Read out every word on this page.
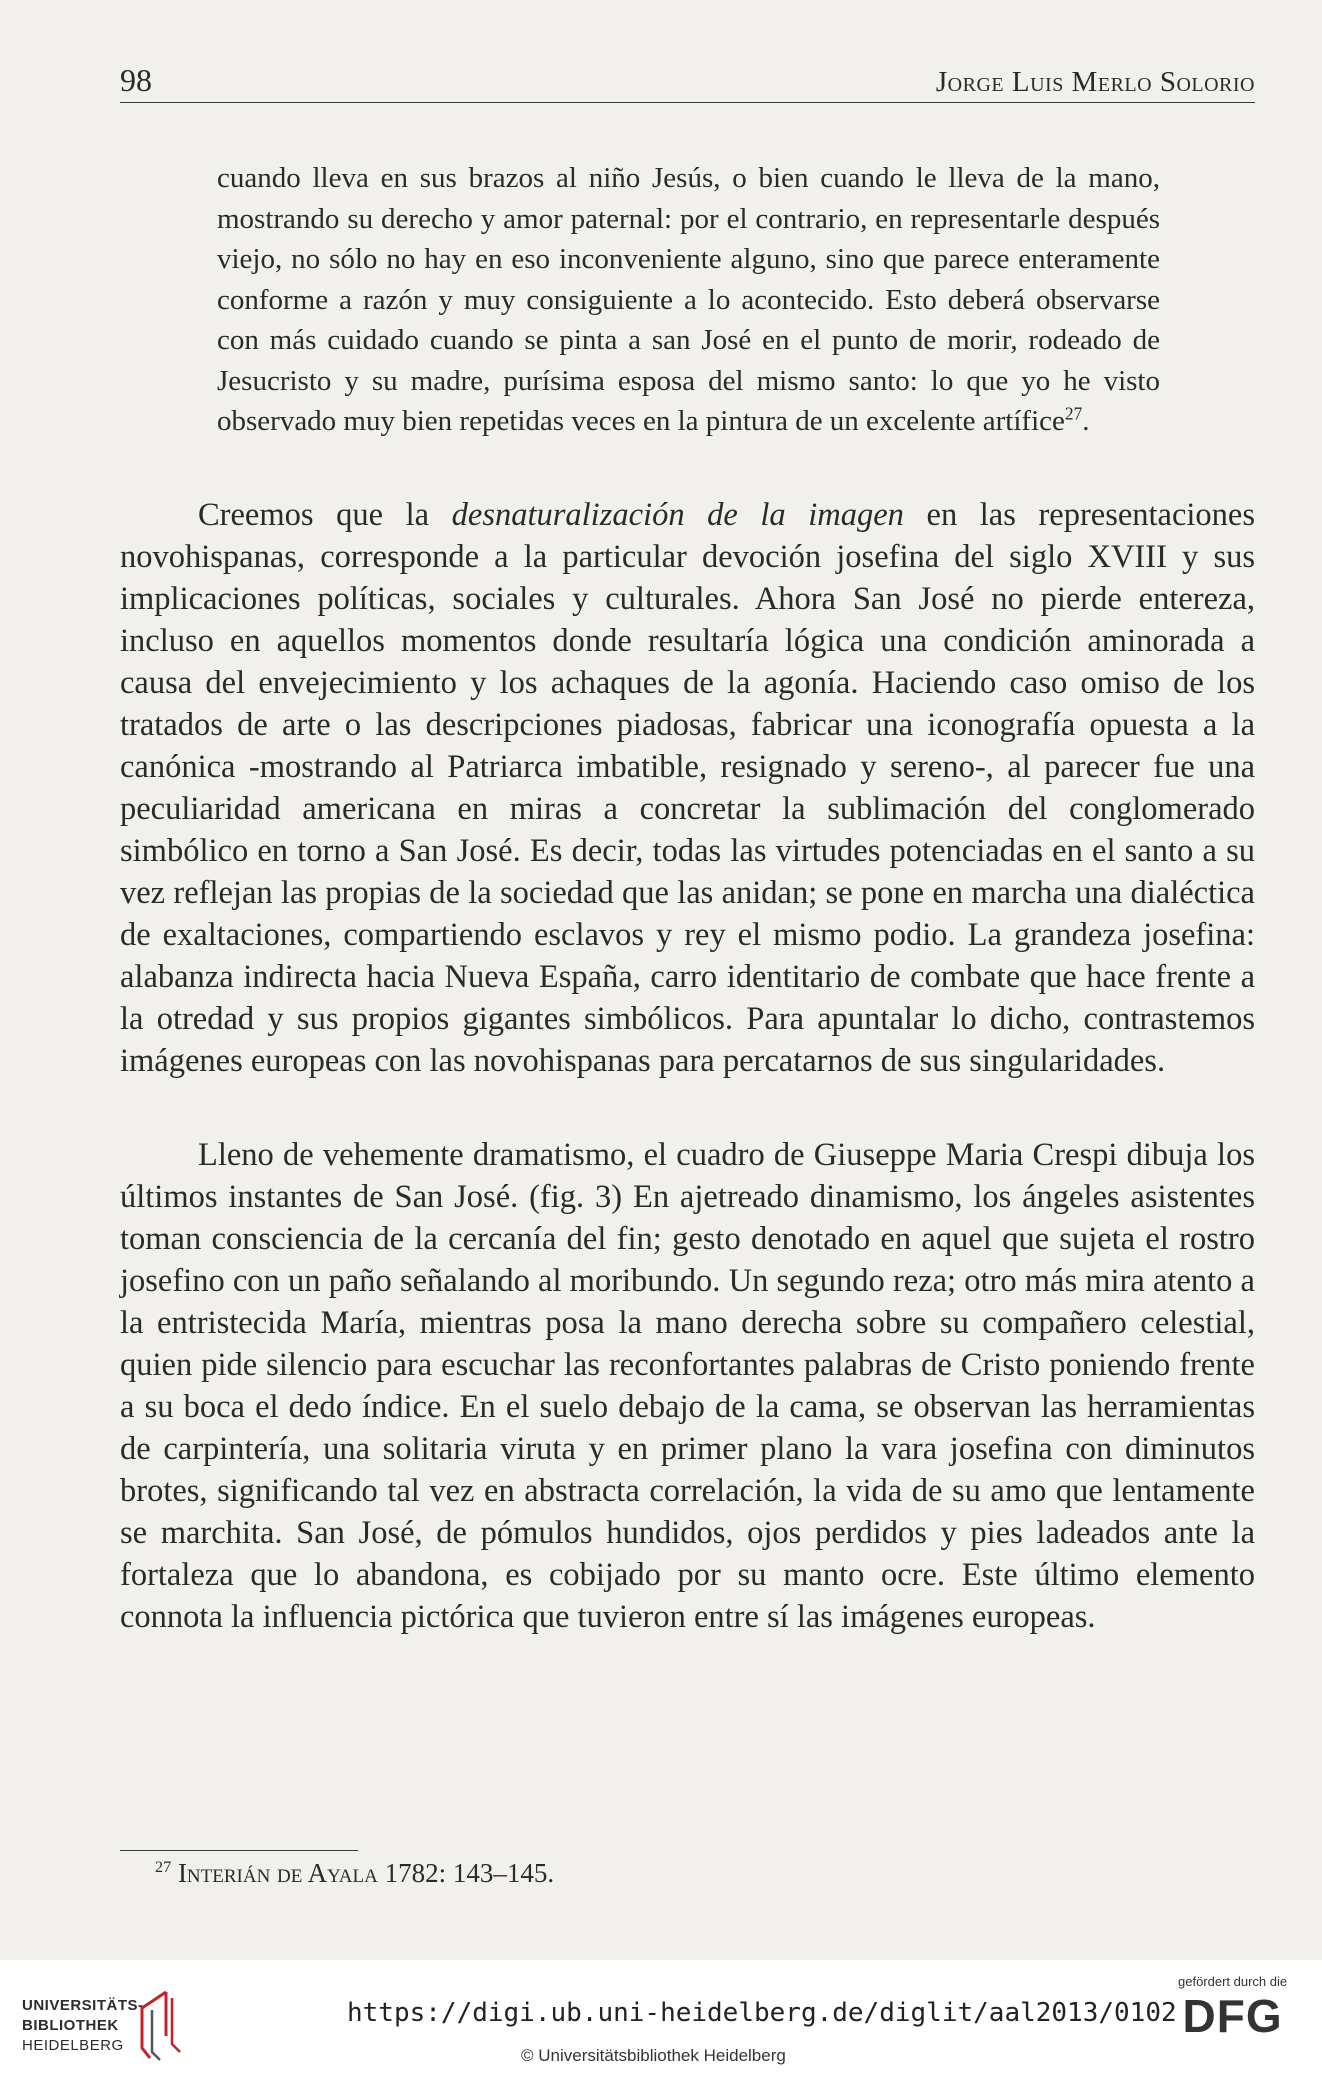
98	Jorge Luis Merlo Solorio
cuando lleva en sus brazos al niño Jesús, o bien cuando le lleva de la mano, mostrando su derecho y amor paternal: por el contrario, en representarle después viejo, no sólo no hay en eso inconveniente alguno, sino que parece enteramente conforme a razón y muy consiguiente a lo acontecido. Esto deberá observarse con más cuidado cuando se pinta a san José en el punto de morir, rodeado de Jesucristo y su madre, purísima esposa del mismo santo: lo que yo he visto observado muy bien repetidas veces en la pintura de un excelente artífice$^{27}$.
Creemos que la desnaturalización de la imagen en las representaciones novohispanas, corresponde a la particular devoción josefina del siglo XVIII y sus implicaciones políticas, sociales y culturales. Ahora San José no pierde entereza, incluso en aquellos momentos donde resultaría lógica una condición aminorada a causa del envejecimiento y los achaques de la agonía. Haciendo caso omiso de los tratados de arte o las descripciones piadosas, fabricar una iconografía opuesta a la canónica -mostrando al Patriarca imbatible, resignado y sereno-, al parecer fue una peculiaridad americana en miras a concretar la sublimación del conglomerado simbólico en torno a San José. Es decir, todas las virtudes potenciadas en el santo a su vez reflejan las propias de la sociedad que las anidan; se pone en marcha una dialéctica de exaltaciones, compartiendo esclavos y rey el mismo podio. La grandeza josefina: alabanza indirecta hacia Nueva España, carro identitario de combate que hace frente a la otredad y sus propios gigantes simbólicos. Para apuntalar lo dicho, contrastemos imágenes europeas con las novohispanas para percatarnos de sus singularidades.
Lleno de vehemente dramatismo, el cuadro de Giuseppe Maria Crespi dibuja los últimos instantes de San José. (fig. 3) En ajetreado dinamismo, los ángeles asistentes toman consciencia de la cercanía del fin; gesto denotado en aquel que sujeta el rostro josefino con un paño señalando al moribundo. Un segundo reza; otro más mira atento a la entristecida María, mientras posa la mano derecha sobre su compañero celestial, quien pide silencio para escuchar las reconfortantes palabras de Cristo poniendo frente a su boca el dedo índice. En el suelo debajo de la cama, se observan las herramientas de carpintería, una solitaria viruta y en primer plano la vara josefina con diminutos brotes, significando tal vez en abstracta correlación, la vida de su amo que lentamente se marchita. San José, de pómulos hundidos, ojos perdidos y pies ladeados ante la fortaleza que lo abandona, es cobijado por su manto ocre. Este último elemento connota la influencia pictórica que tuvieron entre sí las imágenes europeas.
$^{27}$ Interián de Ayala 1782: 143–145.
UNIVERSITÄTS-
BIBLIOTHEK
HEIDELBERG
https://digi.ub.uni-heidelberg.de/diglit/aal2013/0102
© Universitätsbibliothek Heidelberg
gefördert durch die
DFG
